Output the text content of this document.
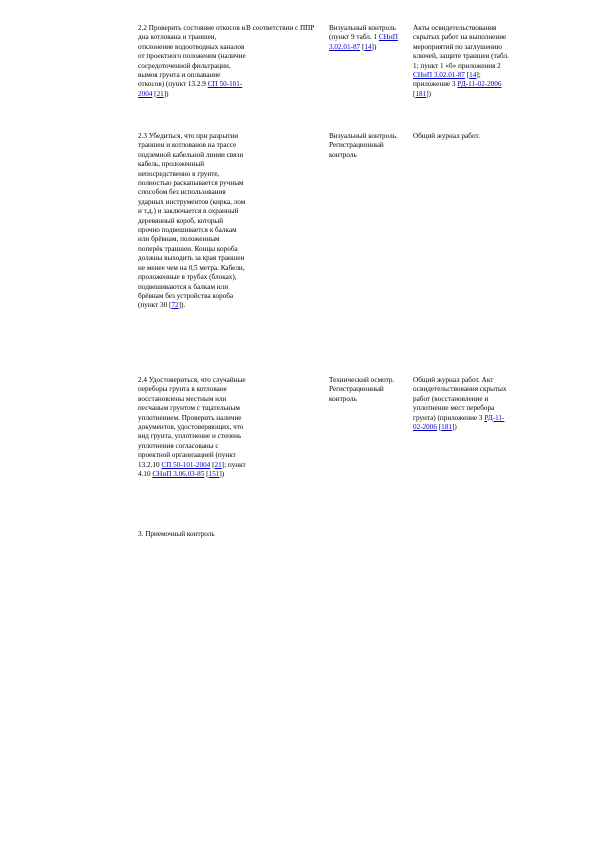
2.2 Проверить состояние откосов и дна котлована и траншеи, отклонение водоотводных каналов от проектного положения (наличие сосредоточенной фильтрации, вымоя грунта и оплывание откосов) (пункт 13.2.9 СП 50-101-2004 [21])
В соответствии с ППР	Визуальный контроль (пункт 9 табл. 1 СНиП 3.02.01-87 [14])
Акты освидетельствования скрытых работ на выполнение мероприятий по заглушению ключей, защите траншеи (табл. 1; пункт 1 «б» приложения 2 СНиП 3.02.01-87 [14]; приложение 3 РД-11-02-2006 [181])
2.3 Убедиться, что при разрытии траншеи и котлованов на трассе подземной кабельной линии связи кабель, проложенный непосредственно в грунте, полностью раскапывается ручным способом без использования ударных инструментов (кирка, лом и т.д.) и заключается в охранный деревянный короб, который прочно подвешивается к балкам или брёвнам, положенным поперёк траншеи. Концы короба должны выходить за края траншеи не менее чем на 0,5 метра. Кабели, проложенные в трубах (блоках), подвешиваются к балкам или брёвнам без устройства короба (пункт 30 [72]).
Визуальный контроль. Регистрационный контроль
Общий журнал работ.
2.4 Удостовериться, что случайные переборы грунта в котловане восстановлены местным или песчаным грунтом с тщательным уплотнением. Проверить наличие документов, удостоверяющих, что вид грунта, уплотнение и степень уплотнения согласованы с проектной организацией (пункт 13.2.10 СП 50-101-2004 [21]; пункт 4.10 СНиП 3.06.03-85 [151])
Технический осмотр. Регистрационный контроль
Общий журнал работ. Акт освидетельствования скрытых работ (восстановление и уплотнение мест перебора грунта) (приложение 3 РД-11-02-2006 [181])
3. Приемочный контроль
